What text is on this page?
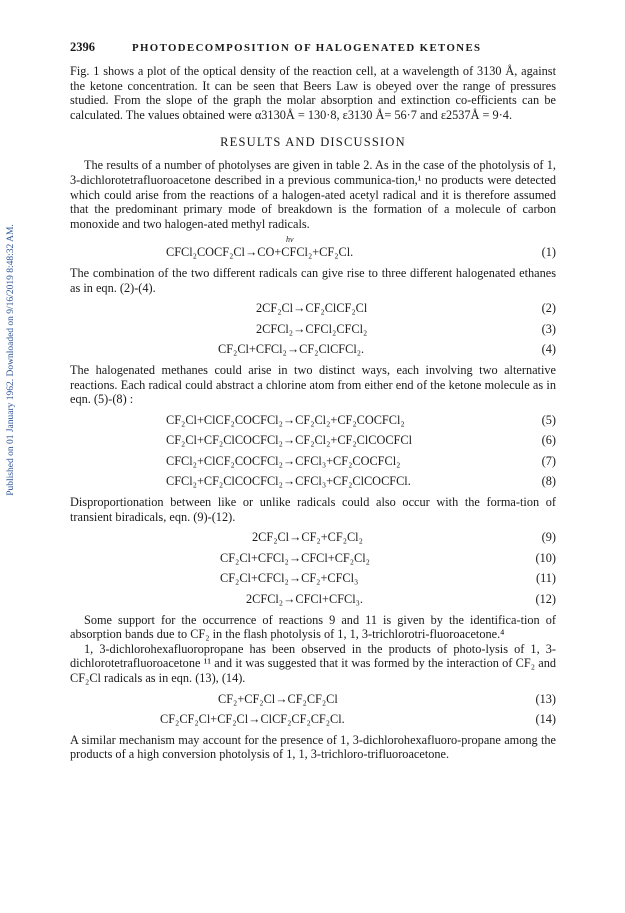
Published on 01 January 1962. Downloaded on 9/16/2019 8:48:32 AM.
2396	PHOTODECOMPOSITION OF HALOGENATED KETONES

Fig. 1 shows a plot of the optical density of the reaction cell, at a wavelength of 3130 Å, against the ketone concentration. It can be seen that Beers Law is obeyed over the range of pressures studied. From the slope of the graph the molar absorption and extinction co-efficients can be calculated. The values obtained were α3130Å = 130·8, ε3130 Å= 56·7 and ε2537Å = 9·4.

RESULTS AND DISCUSSION

The results of a number of photolyses are given in table 2. As in the case of the photolysis of 1, 3-dichlorotetrafluoroacetone described in a previous communica-tion,¹ no products were detected which could arise from the reactions of a halogen-ated acetyl radical and it is therefore assumed that the predominant primary mode of breakdown is the formation of a molecule of carbon monoxide and two halogen-ated methyl radicals.

hν
CFCl₂COCF₂Cl→CO+CFCl₂+CF₂Cl.	(1)

The combination of the two different radicals can give rise to three different halogenated ethanes as in eqn. (2)-(4).

2CF₂Cl→CF₂ClCF₂Cl	(2)
2CFCl₂→CFCl₂CFCl₂	(3)
CF₂Cl+CFCl₂→CF₂ClCFCl₂.	(4)

The halogenated methanes could arise in two distinct ways, each involving two alternative reactions. Each radical could abstract a chlorine atom from either end of the ketone molecule as in eqn. (5)-(8) :

CF₂Cl+ClCF₂COCFCl₂→CF₂Cl₂+CF₂COCFCl₂	(5)
CF₂Cl+CF₂ClCOCFCl₂→CF₂Cl₂+CF₂ClCOCFCl	(6)
CFCl₂+ClCF₂COCFCl₂→CFCl₃+CF₂COCFCl₂	(7)
CFCl₂+CF₂ClCOCFCl₂→CFCl₃+CF₂ClCOCFCl.	(8)

Disproportionation between like or unlike radicals could also occur with the forma-tion of transient biradicals, eqn. (9)-(12).

2CF₂Cl→CF₂+CF₂Cl₂	(9)
CF₂Cl+CFCl₂→CFCl+CF₂Cl₂	(10)
CF₂Cl+CFCl₂→CF₂+CFCl₃	(11)
2CFCl₂→CFCl+CFCl₃.	(12)

Some support for the occurrence of reactions 9 and 11 is given by the identifica-tion of absorption bands due to CF₂ in the flash photolysis of 1, 1, 3-trichlorotri-fluoroacetone.⁴

1, 3-dichlorohexafluoropropane has been observed in the products of photo-lysis of 1, 3-dichlorotetrafluoroacetone ¹¹ and it was suggested that it was formed by the interaction of CF₂ and CF₂Cl radicals as in eqn. (13), (14).

CF₂+CF₂Cl→CF₂CF₂Cl	(13)
CF₂CF₂Cl+CF₂Cl→ClCF₂CF₂CF₂Cl.	(14)

A similar mechanism may account for the presence of 1, 3-dichlorohexafluoro-propane among the products of a high conversion photolysis of 1, 1, 3-trichloro-trifluoroacetone.
